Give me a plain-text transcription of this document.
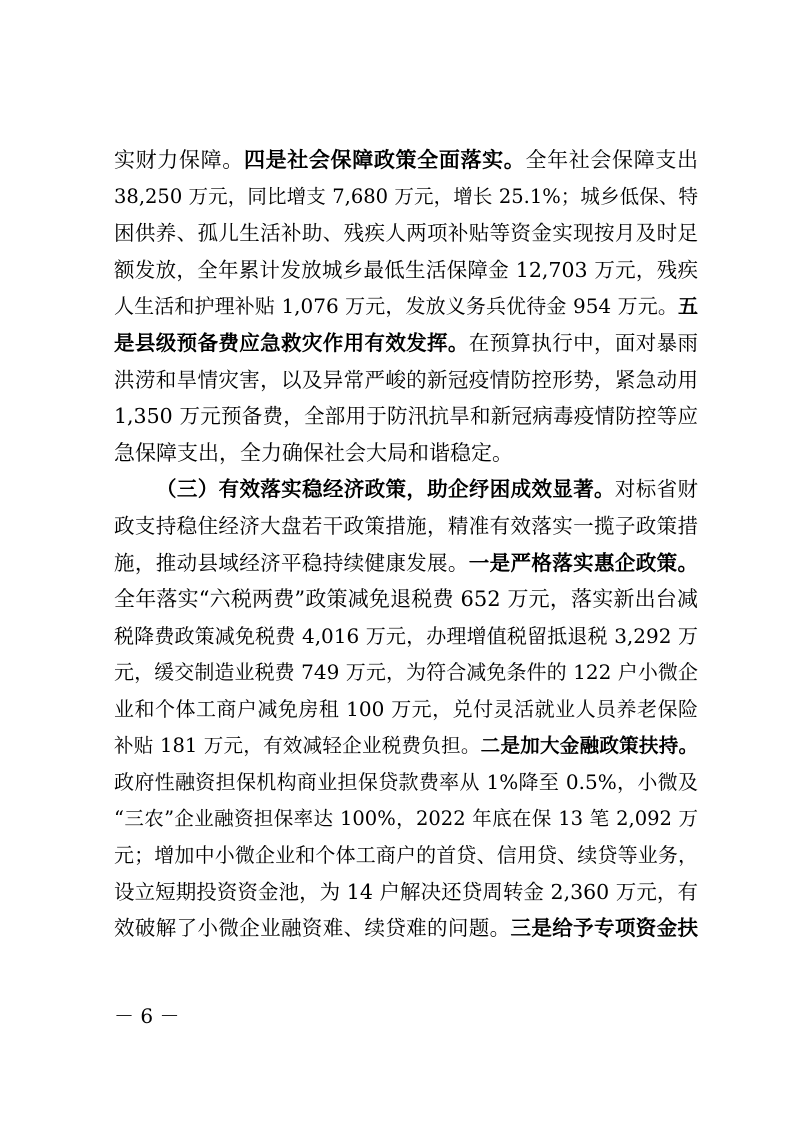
实财力保障。四是社会保障政策全面落实。全年社会保障支出
38,250 万元，同比增支 7,680 万元，增长 25.1%；城乡低保、特
困供养、孤儿生活补助、残疾人两项补贴等资金实现按月及时足
额发放，全年累计发放城乡最低生活保障金 12,703 万元，残疾
人生活和护理补贴 1,076 万元，发放义务兵优待金 954 万元。五
是县级预备费应急救灾作用有效发挥。在预算执行中，面对暴雨
洪涝和旱情灾害，以及异常严峻的新冠疫情防控形势，紧急动用
1,350 万元预备费，全部用于防汛抗旱和新冠病毒疫情防控等应
急保障支出，全力确保社会大局和谐稳定。
（三）有效落实稳经济政策，助企纾困成效显著。对标省财
政支持稳住经济大盘若干政策措施，精准有效落实一揽子政策措
施，推动县域经济平稳持续健康发展。一是严格落实惠企政策。
全年落实“六税两费”政策减免退税费 652 万元，落实新出台减
税降费政策减免税费 4,016 万元，办理增值税留抵退税 3,292 万
元，缓交制造业税费 749 万元，为符合减免条件的 122 户小微企
业和个体工商户减免房租 100 万元，兑付灵活就业人员养老保险
补贴 181 万元，有效减轻企业税费负担。二是加大金融政策扶持。
政府性融资担保机构商业担保贷款费率从 1%降至 0.5%，小微及
“三农”企业融资担保率达 100%，2022 年底在保 13 笔 2,092 万
元；增加中小微企业和个体工商户的首贷、信用贷、续贷等业务，
设立短期投资资金池，为 14 户解决还贷周转金 2,360 万元，有
效破解了小微企业融资难、续贷难的问题。三是给予专项资金扶
－ 6 －
